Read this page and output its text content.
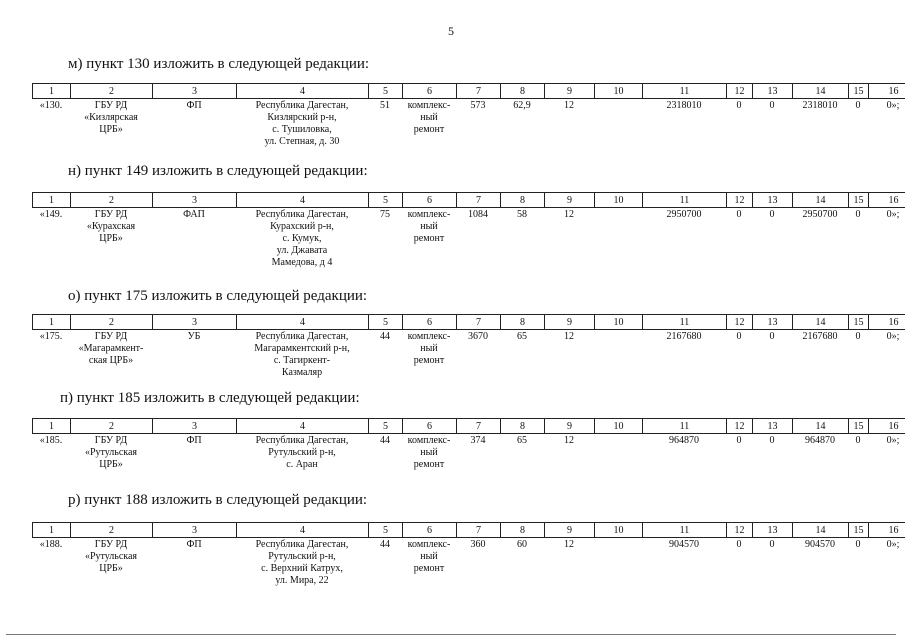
5
м) пункт 130 изложить в следующей редакции:
1	2	3	4	5	6	7	8	9	10	11	12	13	14	15	16
«130.	ГБУ РД
«Кизлярская
ЦРБ»
	ФП	Республика Дагестан,
Кизлярский р-н,
с. Тушиловка,
ул. Степная, д. 30
	51	комплекс-
ный
ремонт
	573	62,9	12		2318010	0	0	2318010	0	0»;
н) пункт 149 изложить в следующей редакции:
1	2	3	4	5	6	7	8	9	10	11	12	13	14	15	16
«149.	ГБУ РД
«Курахская
ЦРБ»
	ФАП	Республика Дагестан,
Курахский р-н,
с. Кумук,
ул. Джавата
Мамедова, д 4
	75	комплекс-
ный
ремонт
	1084	58	12		2950700	0	0	2950700	0	0»;
о) пункт 175 изложить в следующей редакции:
1	2	3	4	5	6	7	8	9	10	11	12	13	14	15	16
«175.	ГБУ РД
«Магарамкент-
ская ЦРБ»
	УБ	Республика Дагестан,
Магарамкентский р-н,
с. Тагиркент-
Казмаляр
	44	комплекс-
ный
ремонт
	3670	65	12		2167680	0	0	2167680	0	0»;
п) пункт 185 изложить в следующей редакции:
1	2	3	4	5	6	7	8	9	10	11	12	13	14	15	16
«185.	ГБУ РД
«Рутульская
ЦРБ»
	ФП	Республика Дагестан,
Рутульский р-н,
с. Аран
	44	комплекс-
ный
ремонт
	374	65	12		964870	0	0	964870	0	0»;
р) пункт 188 изложить в следующей редакции:
1	2	3	4	5	6	7	8	9	10	11	12	13	14	15	16
«188.	ГБУ РД
«Рутульская
ЦРБ»
	ФП	Республика Дагестан,
Рутульский р-н,
с. Верхний Катрух,
ул. Мира, 22
	44	комплекс-
ный
ремонт
	360	60	12		904570	0	0	904570	0	0»;
